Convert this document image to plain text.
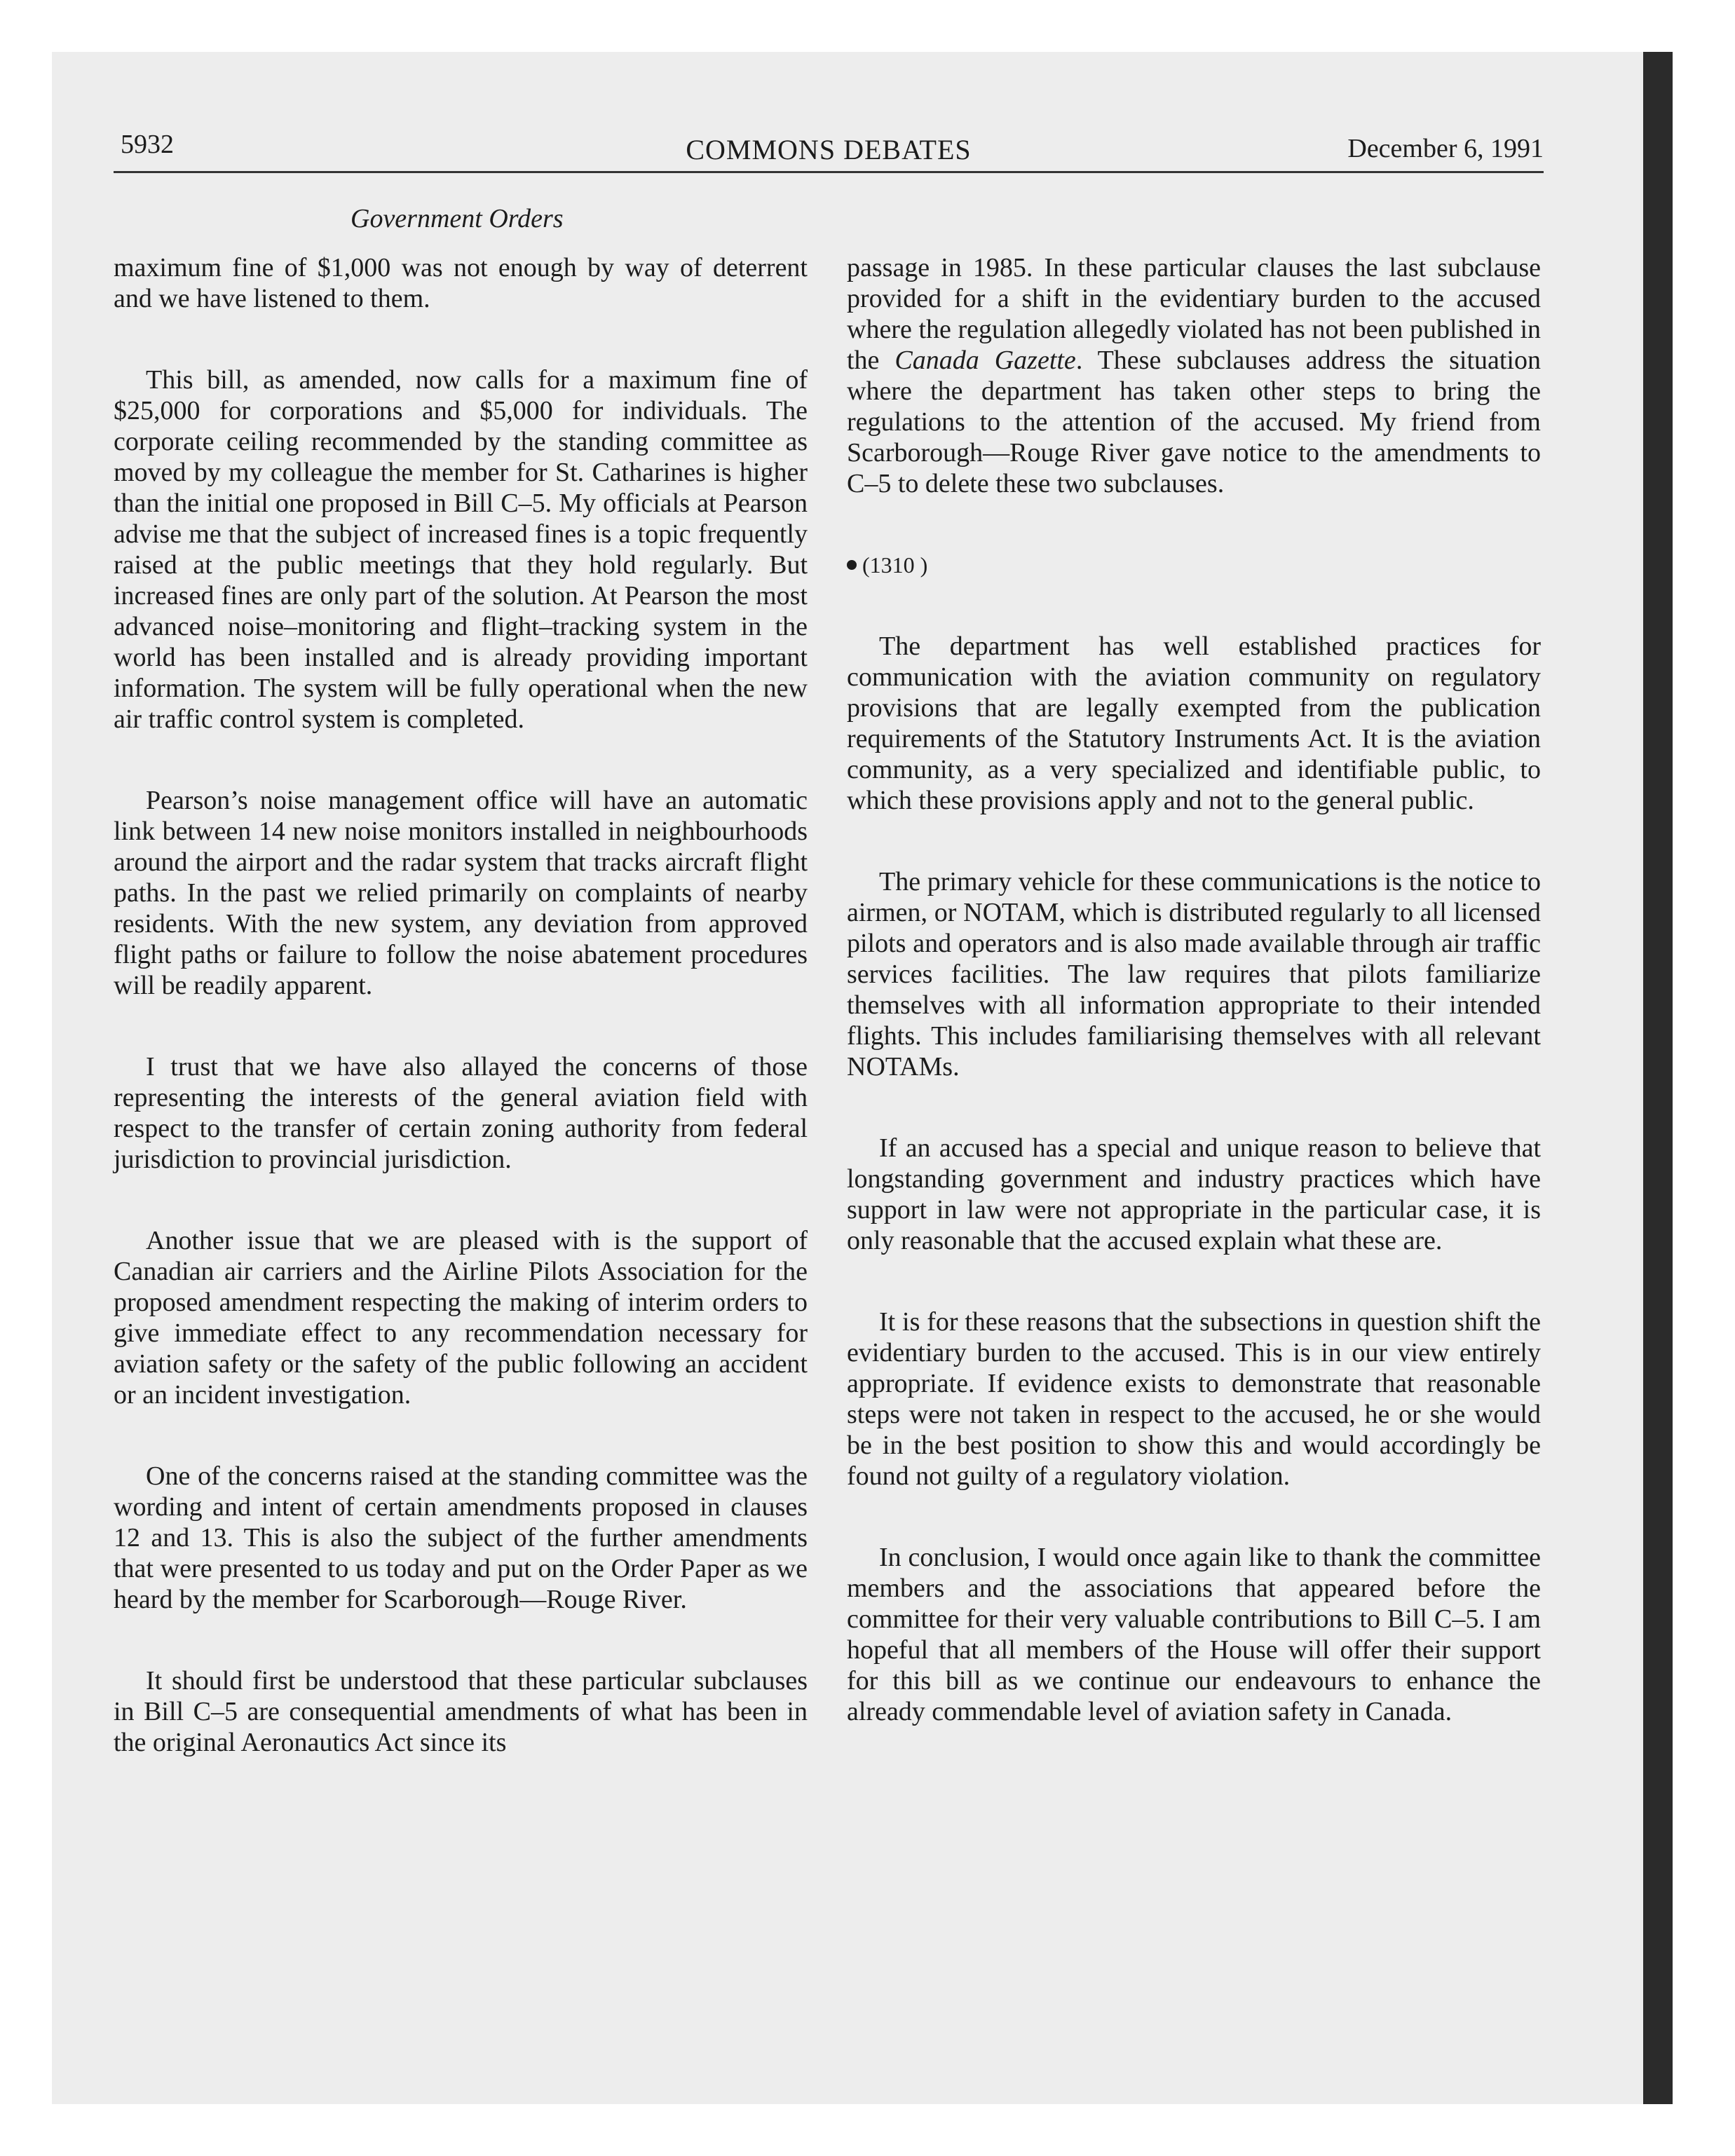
5932	COMMONS DEBATES	December 6, 1991
Government Orders

maximum fine of $1,000 was not enough by way of deterrent and we have listened to them.

This bill, as amended, now calls for a maximum fine of $25,000 for corporations and $5,000 for individuals. The corporate ceiling recommended by the standing committee as moved by my colleague the member for St. Catharines is higher than the initial one proposed in Bill C–5. My officials at Pearson advise me that the subject of increased fines is a topic frequently raised at the public meetings that they hold regularly. But increased fines are only part of the solution. At Pearson the most advanced noise–monitoring and flight–tracking system in the world has been installed and is already providing important information. The system will be fully operational when the new air traffic control system is completed.

Pearson’s noise management office will have an automatic link between 14 new noise monitors installed in neighbourhoods around the airport and the radar system that tracks aircraft flight paths. In the past we relied primarily on complaints of nearby residents. With the new system, any deviation from approved flight paths or failure to follow the noise abatement procedures will be readily apparent.

I trust that we have also allayed the concerns of those representing the interests of the general aviation field with respect to the transfer of certain zoning authority from federal jurisdiction to provincial jurisdiction.

Another issue that we are pleased with is the support of Canadian air carriers and the Airline Pilots Association for the proposed amendment respecting the making of interim orders to give immediate effect to any recommendation necessary for aviation safety or the safety of the public following an accident or an incident investigation.

One of the concerns raised at the standing committee was the wording and intent of certain amendments proposed in clauses 12 and 13. This is also the subject of the further amendments that were presented to us today and put on the Order Paper as we heard by the member for Scarborough—Rouge River.

It should first be understood that these particular subclauses in Bill C–5 are consequential amendments of what has been in the original Aeronautics Act since its

passage in 1985. In these particular clauses the last subclause provided for a shift in the evidentiary burden to the accused where the regulation allegedly violated has not been published in the Canada Gazette. These subclauses address the situation where the department has taken other steps to bring the regulations to the attention of the accused. My friend from Scarborough—Rouge River gave notice to the amendments to C–5 to delete these two subclauses.

(1310 )

The department has well established practices for communication with the aviation community on regulatory provisions that are legally exempted from the publication requirements of the Statutory Instruments Act. It is the aviation community, as a very specialized and identifiable public, to which these provisions apply and not to the general public.

The primary vehicle for these communications is the notice to airmen, or NOTAM, which is distributed regularly to all licensed pilots and operators and is also made available through air traffic services facilities. The law requires that pilots familiarize themselves with all information appropriate to their intended flights. This includes familiarising themselves with all relevant NOTAMs.

If an accused has a special and unique reason to believe that longstanding government and industry practices which have support in law were not appropriate in the particular case, it is only reasonable that the accused explain what these are.

It is for these reasons that the subsections in question shift the evidentiary burden to the accused. This is in our view entirely appropriate. If evidence exists to demonstrate that reasonable steps were not taken in respect to the accused, he or she would be in the best position to show this and would accordingly be found not guilty of a regulatory violation.

In conclusion, I would once again like to thank the committee members and the associations that appeared before the committee for their very valuable contributions to Bill C–5. I am hopeful that all members of the House will offer their support for this bill as we continue our endeavours to enhance the already commendable level of aviation safety in Canada.
